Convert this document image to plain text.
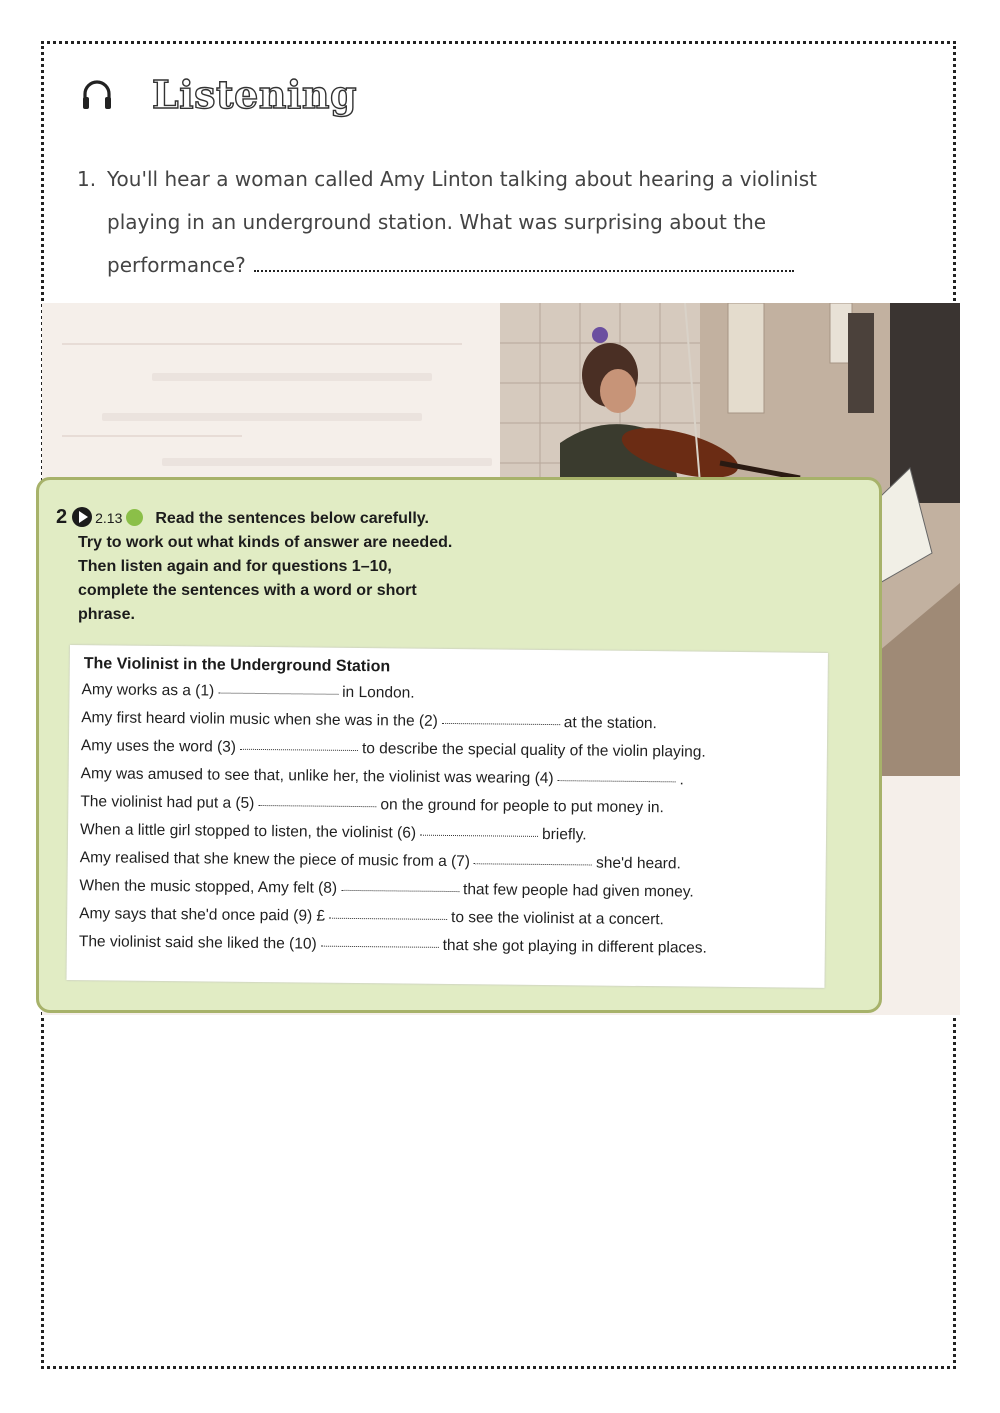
Listening
1. You'll hear a woman called Amy Linton talking about hearing a violinist
playing in an underground station. What was surprising about the
performance?
2 2.13 Read the sentences below carefully.
Try to work out what kinds of answer are needed.
Then listen again and for questions 1–10,
complete the sentences with a word or short
phrase.
The Violinist in the Underground Station
Amy works as a (1)	in London.
Amy first heard violin music when she was in the (2)	at the station.
Amy uses the word (3)	to describe the special quality of the violin playing.
Amy was amused to see that, unlike her, the violinist was wearing (4)	.
The violinist had put a (5)	on the ground for people to put money in.
When a little girl stopped to listen, the violinist (6)	briefly.
Amy realised that she knew the piece of music from a (7)	she'd heard.
When the music stopped, Amy felt (8)	that few people had given money.
Amy says that she'd once paid (9) £	to see the violinist at a concert.
The violinist said she liked the (10)	that she got playing in different places.
